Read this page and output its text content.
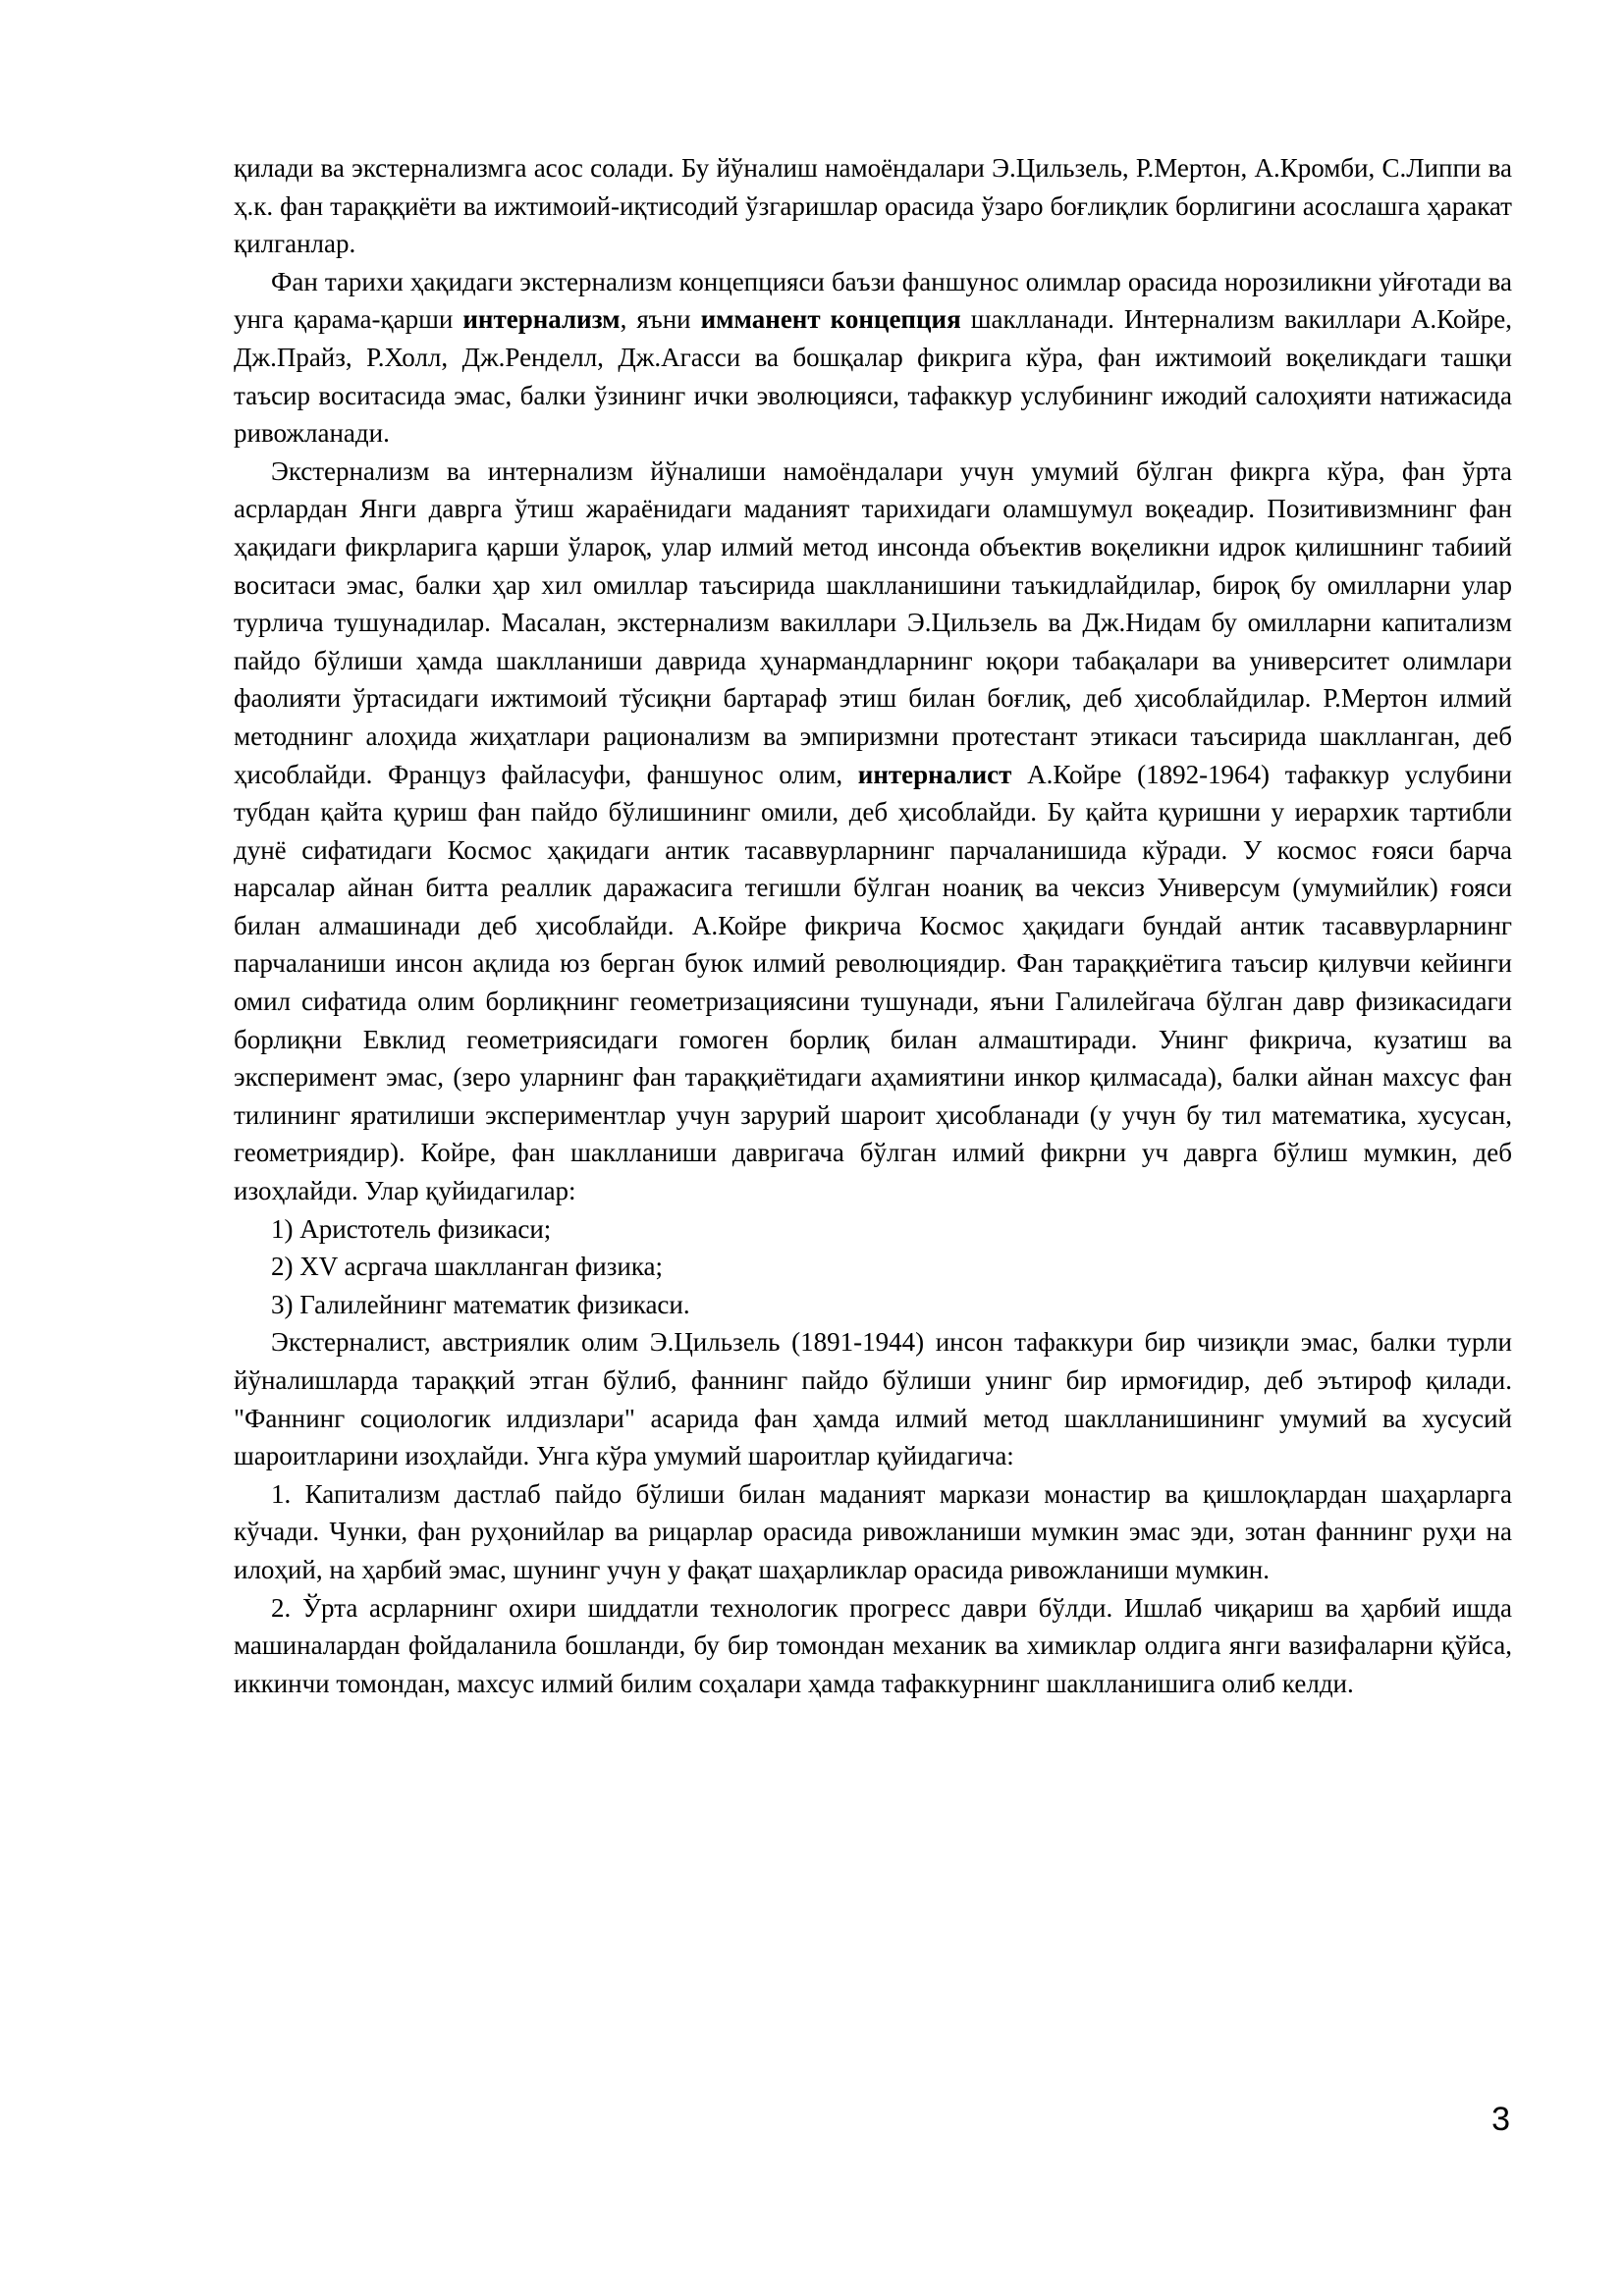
қилади ва экстернализмга асос солади. Бу йўналиш намоёндалари Э.Цильзель, Р.Мертон, А.Кромби, С.Липпи ва ҳ.к. фан тараққиёти ва ижтимоий-иқтисодий ўзгаришлар орасида ўзаро боғлиқлик борлигини асослашга ҳаракат қилганлар.

Фан тарихи ҳақидаги экстернализм концепцияси баъзи фаншунос олимлар орасида норозиликни уйғотади ва унга қарама-қарши интернализм, яъни имманент концепция шаклланади. Интернализм вакиллари А.Койре, Дж.Прайз, Р.Холл, Дж.Ренделл, Дж.Агасси ва бошқалар фикрига кўра, фан ижтимоий воқеликдаги ташқи таъсир воситасида эмас, балки ўзининг ички эволюцияси, тафаккур услубининг ижодий салоҳияти натижасида ривожланади.

Экстернализм ва интернализм йўналиши намоёндалари учун умумий бўлган фикрга кўра, фан ўрта асрлардан Янги даврга ўтиш жараёнидаги маданият тарихидаги оламшумул воқеадир. Позитивизмнинг фан ҳақидаги фикрларига қарши ўлароқ, улар илмий метод инсонда объектив воқеликни идрок қилишнинг табиий воситаси эмас, балки ҳар хил омиллар таъсирида шаклланишини таъкидлайдилар, бироқ бу омилларни улар турлича тушунадилар. Масалан, экстернализм вакиллари Э.Цильзель ва Дж.Нидам бу омилларни капитализм пайдо бўлиши ҳамда шаклланиши даврида ҳунармандларнинг юқори табақалари ва университет олимлари фаолияти ўртасидаги ижтимоий тўсиқни бартараф этиш билан боғлиқ, деб ҳисоблайдилар. Р.Мертон илмий методнинг алоҳида жиҳатлари рационализм ва эмпиризмни протестант этикаси таъсирида шаклланган, деб ҳисоблайди. Француз файласуфи, фаншунос олим, интерналист А.Койре (1892-1964) тафаккур услубини тубдан қайта қуриш фан пайдо бўлишининг омили, деб ҳисоблайди. Бу қайта қуришни у иерархик тартибли дунё сифатидаги Космос ҳақидаги антик тасаввурларнинг парчаланишида кўради. У космос ғояси барча нарсалар айнан битта реаллик даражасига тегишли бўлган ноаниқ ва чексиз Универсум (умумийлик) ғояси билан алмашинади деб ҳисоблайди. А.Койре фикрича Космос ҳақидаги бундай антик тасаввурларнинг парчаланиши инсон ақлида юз берган буюк илмий революциядир. Фан тараққиётига таъсир қилувчи кейинги омил сифатида олим борлиқнинг геометризациясини тушунади, яъни Галилейгача бўлган давр физикасидаги борлиқни Евклид геометриясидаги гомоген борлиқ билан алмаштиради. Унинг фикрича, кузатиш ва эксперимент эмас, (зеро уларнинг фан тараққиётидаги аҳамиятини инкор қилмасада), балки айнан махсус фан тилининг яратилиши экспериментлар учун зарурий шароит ҳисобланади (у учун бу тил математика, хусусан, геометриядир). Койре, фан шаклланиши давригача бўлган илмий фикрни уч даврга бўлиш мумкин, деб изоҳлайди. Улар қуйидагилар:

1) Аристотель физикаси;
2) XV асргача шаклланган физика;
3) Галилейнинг математик физикаси.

Экстерналист, австриялик олим Э.Цильзель (1891-1944) инсон тафаккури бир чизиқли эмас, балки турли йўналишларда тараққий этган бўлиб, фаннинг пайдо бўлиши унинг бир ирмоғидир, деб эътироф қилади. "Фаннинг социологик илдизлари" асарида фан ҳамда илмий метод шаклланишининг умумий ва хусусий шароитларини изоҳлайди. Унга кўра умумий шароитлар қуйидагича:

1. Капитализм дастлаб пайдо бўлиши билан маданият маркази монастир ва қишлоқлардан шаҳарларга кўчади. Чунки, фан руҳонийлар ва рицарлар орасида ривожланиши мумкин эмас эди, зотан фаннинг руҳи на илоҳий, на ҳарбий эмас, шунинг учун у фақат шаҳарликлар орасида ривожланиши мумкин.

2. Ўрта асрларнинг охири шиддатли технологик прогресс даври бўлди. Ишлаб чиқариш ва ҳарбий ишда машиналардан фойдаланила бошланди, бу бир томондан механик ва химиклар олдига янги вазифаларни қўйса, иккинчи томондан, махсус илмий билим соҳалари ҳамда тафаккурнинг шаклланишига олиб келди.

3
